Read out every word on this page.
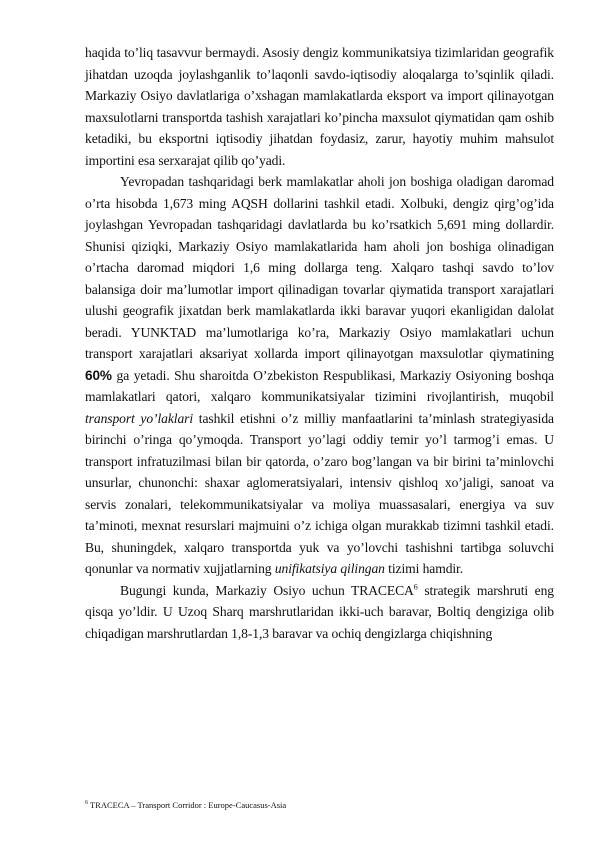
haqida to’liq tasavvur bermaydi. Asosiy dengiz kommunikatsiya tizimlaridan geografik jihatdan uzoqda joylashganlik to’laqonli savdo-iqtisodiy aloqalarga to’sqinlik qiladi. Markaziy Osiyo davlatlariga o’xshagan mamlakatlarda eksport va import qilinayotgan maxsulotlarni transportda tashish xarajatlari ko’pincha maxsulot qiymatidan qam oshib ketadiki, bu eksportni iqtisodiy jihatdan foydasiz, zarur, hayotiy muhim mahsulot importini esa serxarajat qilib qo’yadi.

Yevropadan tashqaridagi berk mamlakatlar aholi jon boshiga oladigan daromad o’rta hisobda 1,673 ming AQSH dollarini tashkil etadi. Xolbuki, dengiz qirg’og’ida joylashgan Yevropadan tashqaridagi davlatlarda bu ko’rsatkich 5,691 ming dollardir. Shunisi qiziqki, Markaziy Osiyo mamlakatlarida ham aholi jon boshiga olinadigan o’rtacha daromad miqdori 1,6 ming dollarga teng. Xalqaro tashqi savdo to’lov balansiga doir ma’lumotlar import qilinadigan tovarlar qiymatida transport xarajatlari ulushi geografik jixatdan berk mamlakatlarda ikki baravar yuqori ekanligidan dalolat beradi. YUNKTAD ma’lumotlariga ko’ra, Markaziy Osiyo mamlakatlari uchun transport xarajatlari aksariyat xollarda import qilinayotgan maxsulotlar qiymatining 60% ga yetadi. Shu sharoitda O’zbekiston Respublikasi, Markaziy Osiyoning boshqa mamlakatlari qatori, xalqaro kommunikatsiyalar tizimini rivojlantirish, muqobil transport yo’laklari tashkil etishni o’z milliy manfaatlarini ta’minlash strategiyasida birinchi o’ringa qo’ymoqda. Transport yo’lagi oddiy temir yo’l tarmog’i emas. U transport infratuzilmasi bilan bir qatorda, o’zaro bog’langan va bir birini ta’minlovchi unsurlar, chunonchi: shaxar aglomeratsiyalari, intensiv qishloq xo’jaligi, sanoat va servis zonalari, telekommunikatsiyalar va moliya muassasalari, energiya va suv ta’minoti, mexnat resurslari majmuini o’z ichiga olgan murakkab tizimni tashkil etadi. Bu, shuningdek, xalqaro transportda yuk va yo’lovchi tashishni tartibga soluvchi qonunlar va normativ xujjatlarning unifikatsiya qilingan tizimi hamdir.

Bugungi kunda, Markaziy Osiyo uchun TRACECA$^6$ strategik marshruti eng qisqa yo’ldir. U Uzoq Sharq marshrutlaridan ikki-uch baravar, Boltiq dengiziga olib chiqadigan marshrutlardan 1,8-1,3 baravar va ochiq dengizlarga chiqishning

$^6$ TRACECA – Transport Corridor : Europe-Caucasus-Asia
